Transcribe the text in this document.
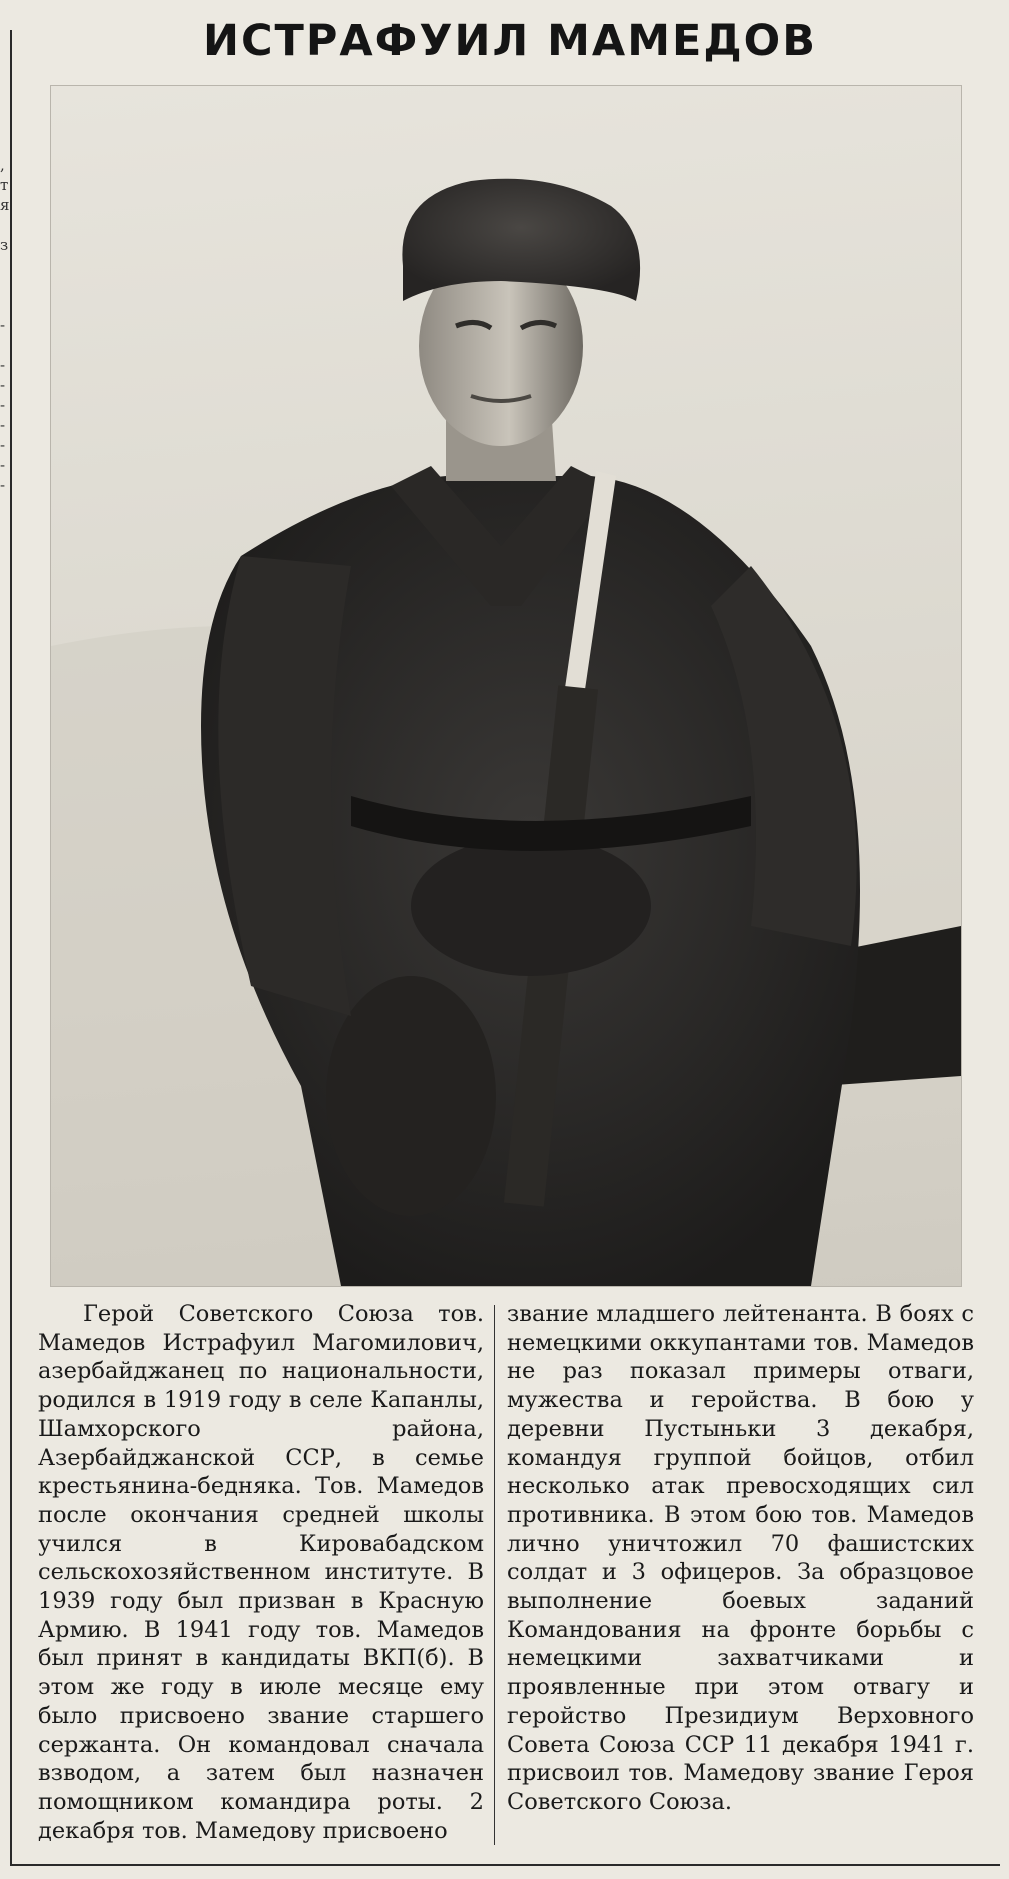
,
т
я

з

-

-
-
-
-
-
-
-
ИСТРАФУИЛ МАМЕДОВ
Герой Советского Союза тов. Мамедов Истрафуил Магомилович, азербайджанец по национальности, родился в 1919 году в селе Капанлы, Шамхорского района, Азербайджанской ССР, в семье крестьянина-бедняка. Тов. Мамедов после окончания средней школы учился в Кировабадском сельскохозяйственном институте. В 1939 году был призван в Красную Армию. В 1941 году тов. Мамедов был принят в кандидаты ВКП(б). В этом же году в июле месяце ему было присвоено звание старшего сержанта. Он командовал сначала взводом, а затем был назначен помощником командира роты. 2 декабря тов. Мамедову присвоено
звание младшего лейтенанта. В боях с немецкими оккупантами тов. Мамедов не раз показал примеры отваги, мужества и геройства. В бою у деревни Пустыньки 3 декабря, командуя группой бойцов, отбил несколько атак превосходящих сил противника. В этом бою тов. Мамедов лично уничтожил 70 фашистских солдат и 3 офицеров. За образцовое выполнение боевых заданий Командования на фронте борьбы с немецкими захватчиками и проявленные при этом отвагу и геройство Президиум Верховного Совета Союза ССР 11 декабря 1941 г. присвоил тов. Мамедову звание Героя Советского Союза.
